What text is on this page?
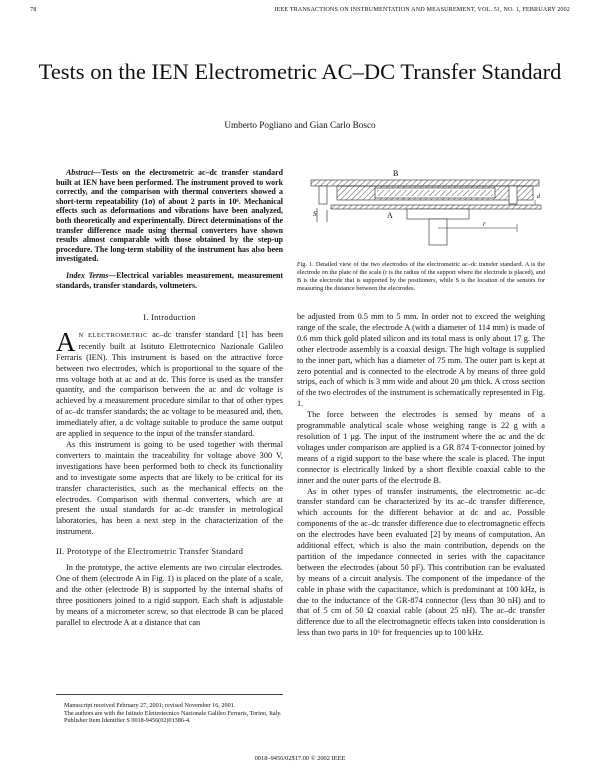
78	IEEE TRANSACTIONS ON INSTRUMENTATION AND MEASUREMENT, VOL. 51, NO. 1, FEBRUARY 2002
Tests on the IEN Electrometric AC–DC Transfer Standard
Umberto Pogliano and Gian Carlo Bosco

Abstract—Tests on the electrometric ac–dc transfer standard built at IEN have been performed. The instrument proved to work correctly, and the comparison with thermal converters showed a short-term repeatability (1σ) of about 2 parts in 10⁶. Mechanical effects such as deformations and vibrations have been analyzed, both theoretically and experimentally. Direct determinations of the transfer difference made using thermal converters have shown results almost comparable with those obtained by the step-up procedure. The long-term stability of the instrument has also been investigated.

Index Terms—Electrical variables measurement, measurement standards, transfer standards, voltmeters.

I. Introduction

A N ELECTROMETRIC ac–dc transfer standard [1] has been recently built at Istituto Elettrotecnico Nazionale Galileo Ferraris (IEN). This instrument is based on the attractive force between two electrodes, which is proportional to the square of the rms voltage both at ac and at dc. This force is used as the transfer quantity, and the comparison between the ac and dc voltage is achieved by a measurement procedure similar to that of other types of ac–dc transfer standards; the ac voltage to be measured and, then, immediately after, a dc voltage suitable to produce the same output are applied in sequence to the input of the transfer standard.

As this instrument is going to be used together with thermal converters to maintain the traceability for voltage above 300 V, investigations have been performed both to check its functionality and to investigate some aspects that are likely to be critical for its transfer characteristics, such as the mechanical effects on the electrodes. Comparison with thermal converters, which are at present the usual standards for ac–dc transfer in metrological laboratories, has been a next step in the characterization of the instrument.

II. Prototype of the Electrometric Transfer Standard

In the prototype, the active elements are two circular electrodes. One of them (electrode A in Fig. 1) is placed on the plate of a scale, and the other (electrode B) is supported by the internal shafts of three positioners joined to a rigid support. Each shaft is adjustable by means of a micrometer screw, so that electrode B can be placed parallel to electrode A at a distance that can

Manuscript received February 27, 2001; revised November 16, 2001.

The authors are with the Istituto Elettrotecnico Nazionale Galileo Ferraris, Torino, Italy.

Publisher Item Identifier S 0018-9456(02)01386-4.

B
A
r
S
d
Fig. 1. Detailed view of the two electrodes of the electrometric ac–dc transfer standard. A is the electrode on the plate of the scale (r is the radius of the support where the electrode is placed), and B is the electrode that is supported by the positioners, while S is the location of the sensors for measuring the distance between the electrodes.

be adjusted from 0.5 mm to 5 mm. In order not to exceed the weighing range of the scale, the electrode A (with a diameter of 114 mm) is made of 0.6 mm thick gold plated silicon and its total mass is only about 17 g. The other electrode assembly is a coaxial design. The high voltage is supplied to the inner part, which has a diameter of 75 mm. The outer part is kept at zero potential and is connected to the electrode A by means of three gold strips, each of which is 3 mm wide and about 20 μm thick. A cross section of the two electrodes of the instrument is schematically represented in Fig. 1.

The force between the electrodes is sensed by means of a programmable analytical scale whose weighing range is 22 g with a resolution of 1 μg. The input of the instrument where the ac and the dc voltages under comparison are applied is a GR 874 T-connector joined by means of a rigid support to the base where the scale is placed. The input connector is electrically linked by a short flexible coaxial cable to the inner and the outer parts of the electrode B.

As in other types of transfer instruments, the electrometric ac–dc transfer standard can be characterized by its ac–dc transfer difference, which accounts for the different behavior at dc and ac. Possible components of the ac–dc transfer difference due to electromagnetic effects on the electrodes have been evaluated [2] by means of computation. An additional effect, which is also the main contribution, depends on the partition of the impedance connected in series with the capacitance between the electrodes (about 50 pF). This contribution can be evaluated by means of a circuit analysis. The component of the impedance of the cable in phase with the capacitance, which is predominant at 100 kHz, is due to the inductance of the GR-874 connector (less than 30 nH) and to that of 5 cm of 50 Ω coaxial cable (about 25 nH). The ac–dc transfer difference due to all the electromagnetic effects taken into consideration is less than two parts in 10⁶ for frequencies up to 100 kHz.

0018–9456/02$17.00 © 2002 IEEE
